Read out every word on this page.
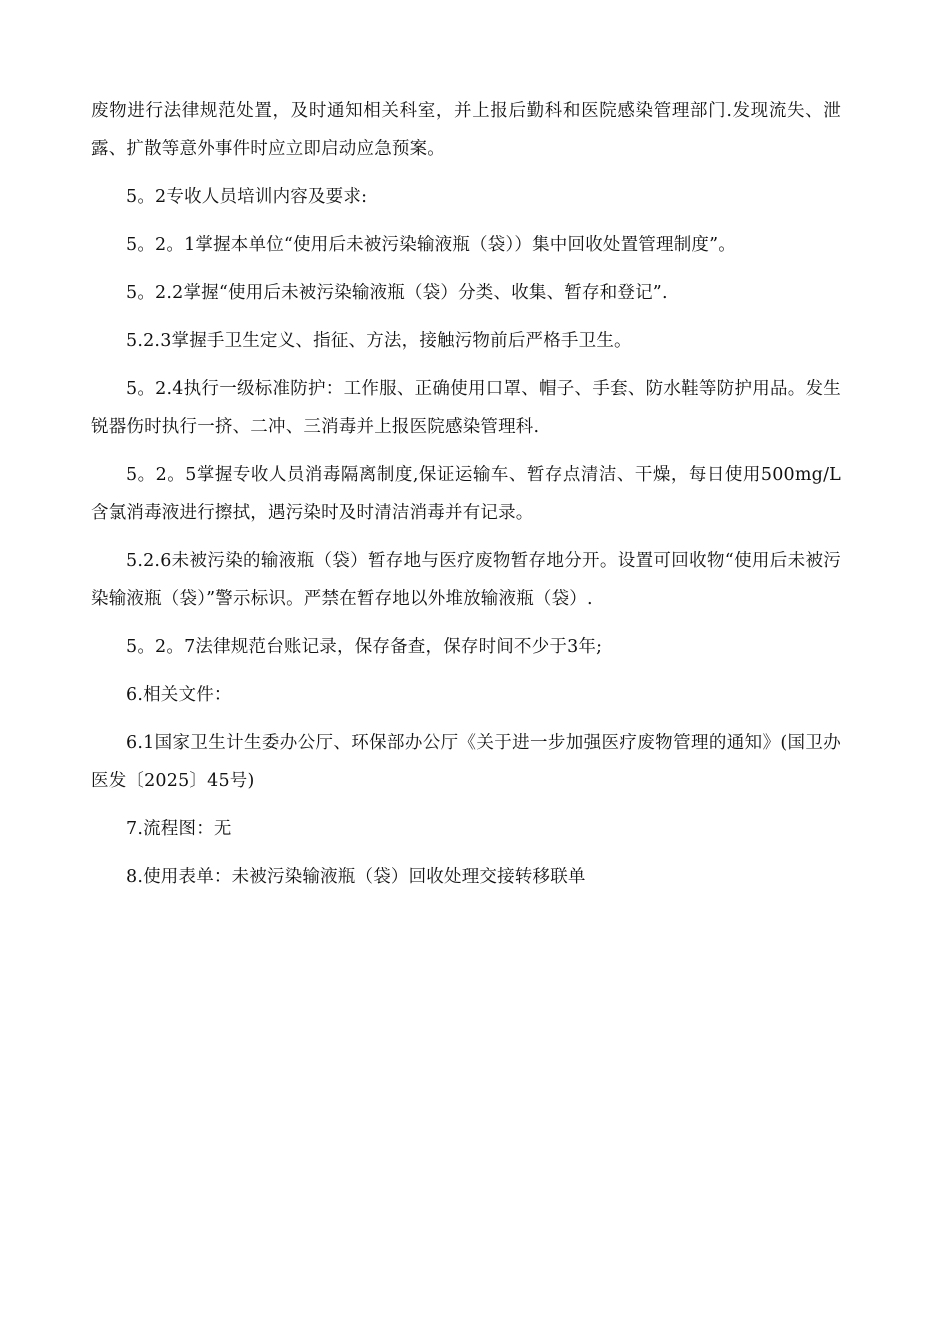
废物进行法律规范处置，及时通知相关科室，并上报后勤科和医院感染管理部门.发现流失、泄露、扩散等意外事件时应立即启动应急预案。

5。2专收人员培训内容及要求:

5。2。1掌握本单位“使用后未被污染输液瓶（袋））集中回收处置管理制度”。

5。2.2掌握“使用后未被污染输液瓶（袋）分类、收集、暂存和登记”.

5.2.3掌握手卫生定义、指征、方法，接触污物前后严格手卫生。

5。2.4执行一级标准防护：工作服、正确使用口罩、帽子、手套、防水鞋等防护用品。发生锐器伤时执行一挤、二冲、三消毒并上报医院感染管理科.

5。2。5掌握专收人员消毒隔离制度,保证运输车、暂存点清洁、干燥，每日使用500mg/L含氯消毒液进行擦拭，遇污染时及时清洁消毒并有记录。

5.2.6未被污染的输液瓶（袋）暂存地与医疗废物暂存地分开。设置可回收物“使用后未被污染输液瓶（袋）”警示标识。严禁在暂存地以外堆放输液瓶（袋）.

5。2。7法律规范台账记录，保存备查，保存时间不少于3年;

6.相关文件：

6.1国家卫生计生委办公厅、环保部办公厅《关于进一步加强医疗废物管理的通知》(国卫办医发〔2025〕45号)

7.流程图：无

8.使用表单：未被污染输液瓶（袋）回收处理交接转移联单
